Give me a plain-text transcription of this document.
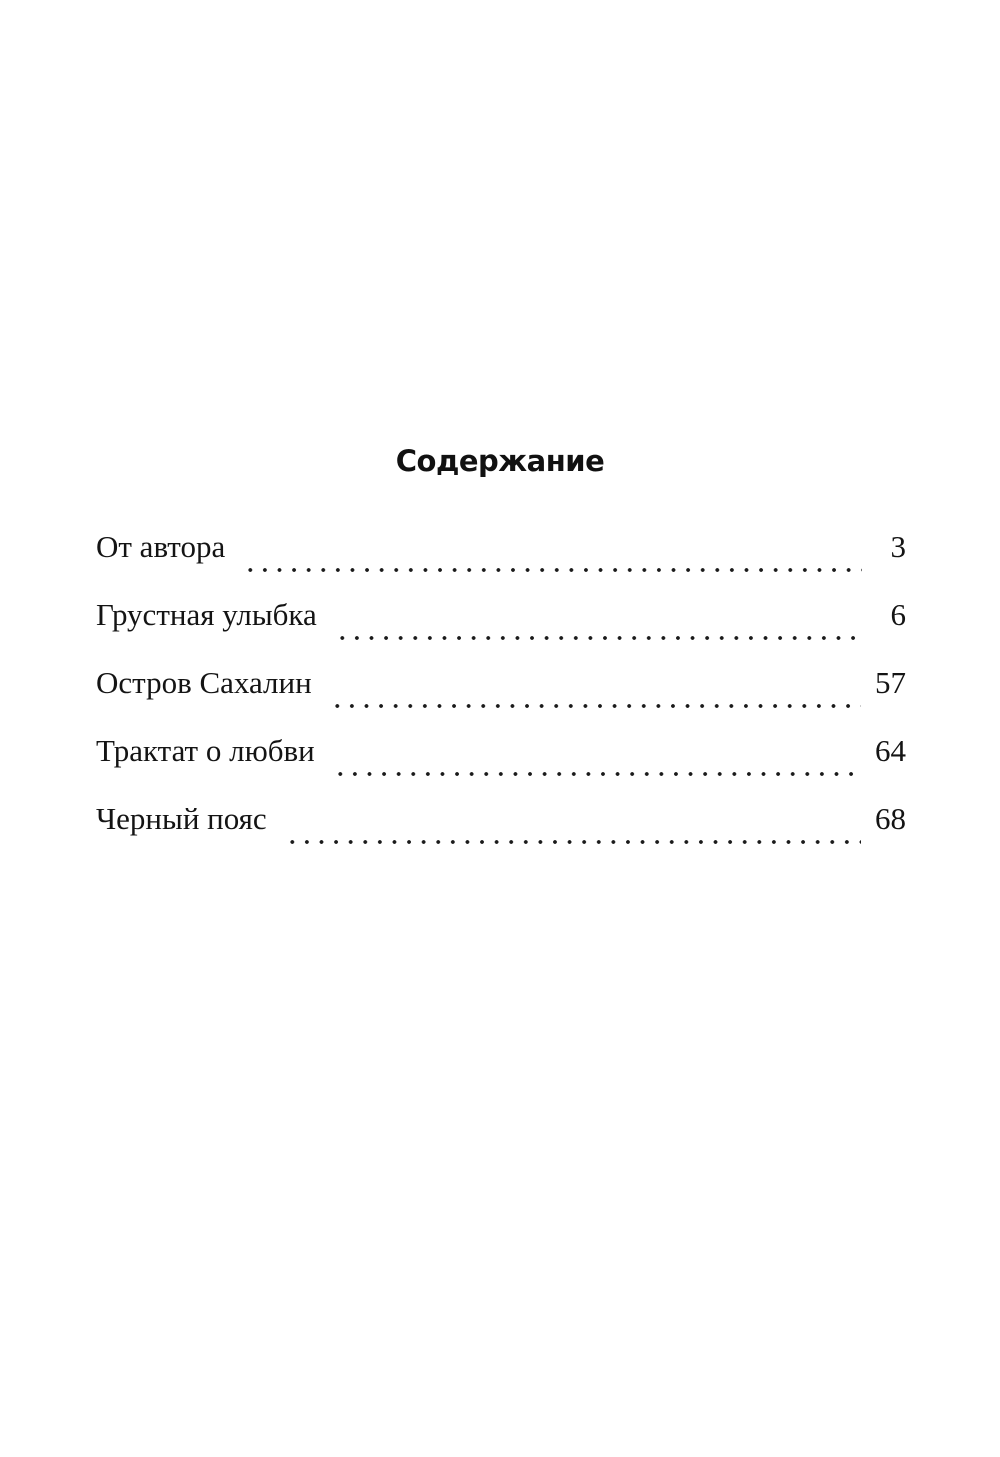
Содержание
От автора	3
Грустная улыбка	6
Остров Сахалин	57
Трактат о любви	64
Черный пояс	68
